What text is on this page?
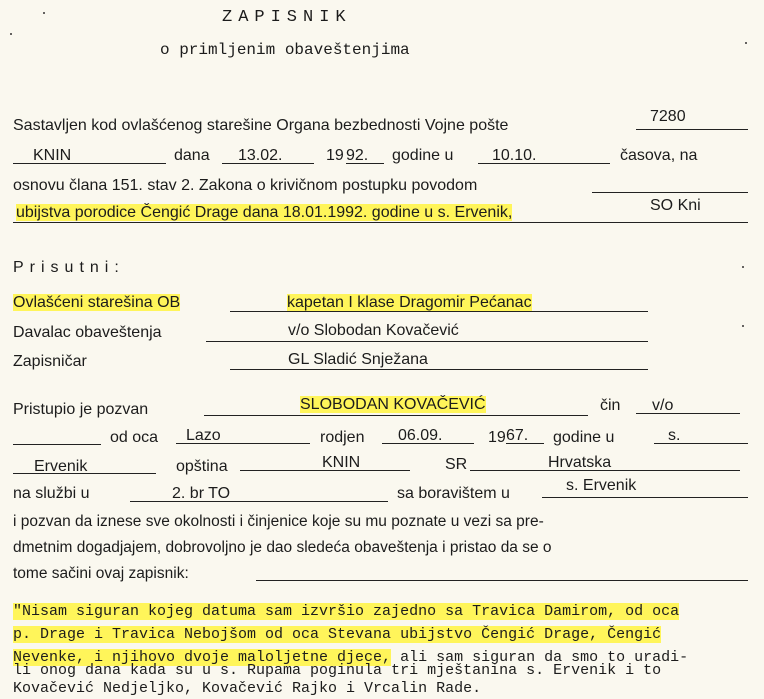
ZAPISNIK
o primljenim obaveštenjima
Sastavljen kod ovlašćenog starešine Organa bezbednosti Vojne pošte
7280
KNIN	dana 13.02.	19 92. godine u 10.10.	časova, na
osnovu člana 151. stav 2. Zakona o krivičnom postupku povodom
ubijstva porodice Čengić Drage dana 18.01.1992. godine u s. Ervenik,	SO Kni
Prisutni:
Ovlašćeni starešina OB	kapetan I klase Dragomir Pećanac
Davalac obaveštenja	v/o Slobodan Kovačević
Zapisničar	GL Sladić Snježana
Pristupio je pozvan	SLOBODAN KOVAČEVIĆ	čin v/o
od oca Lazo	rodjen 06.09.	19 67. godine u	s.
Ervenik	opština	KNIN	SR	Hrvatska
na službi u	2. br TO	sa boravištem u	s. Ervenik
i pozvan da iznese sve okolnosti i činjenice koje su mu poznate u vezi sa pre-
dmetnim dogadjajem, dobrovoljno je dao sledeća obaveštenja i pristao da se o
tome sačini ovaj zapisnik:
"Nisam siguran kojeg datuma sam izvršio zajedno sa Travica Damirom, od oca
p. Drage i Travica Nebojšom od oca Stevana ubijstvo Čengić Drage, Čengić
Nevenke, i njihovo dvoje maloljetne djece, ali sam siguran da smo to uradi-
li onog dana kada su u s. Rupama poginula tri mještanina s. Ervenik i to
Kovačević Nedjeljko, Kovačević Rajko i Vrcalin Rade.
